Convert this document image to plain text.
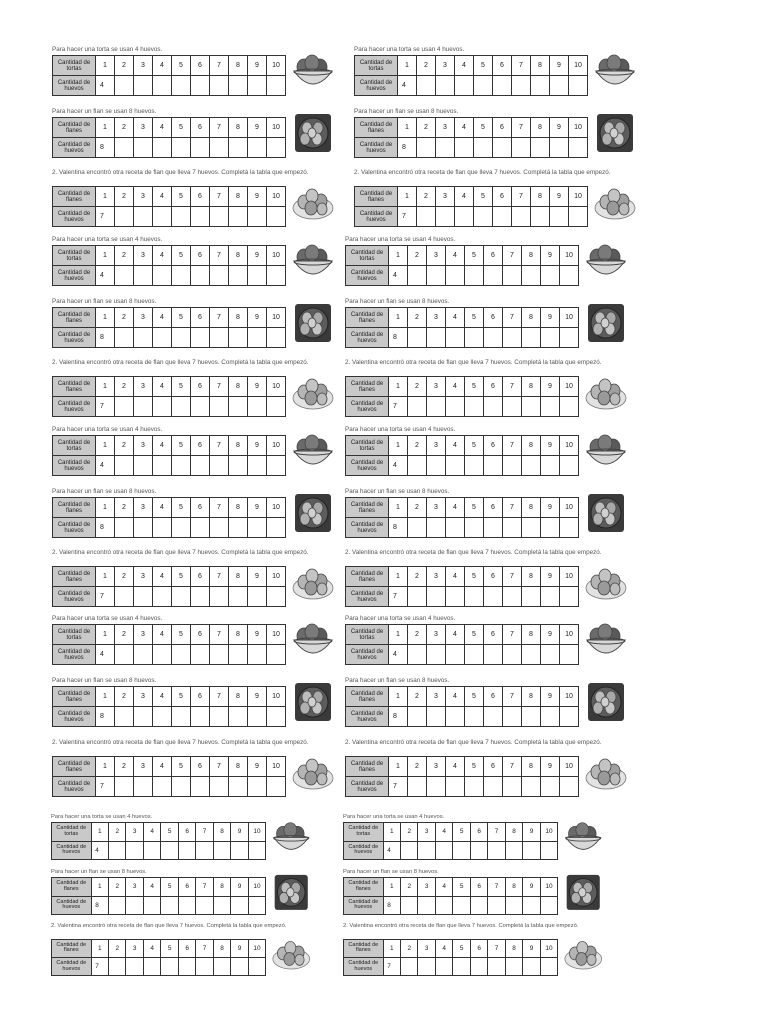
Para hacer una torta se usan 4 huevos.
Cantidad de tortas	1	2	3	4	5	6	7	8	9	10
Cantidad de huevos	4									
Para hacer un flan se usan 8 huevos.
Cantidad de flanes	1	2	3	4	5	6	7	8	9	10
Cantidad de huevos	8									
2. Valentina encontró otra receta de flan que lleva 7 huevos. Completá la tabla que empezó.
Cantidad de flanes	1	2	3	4	5	6	7	8	9	10
Cantidad de huevos	7									
Para hacer una torta se usan 4 huevos.
Cantidad de tortas	1	2	3	4	5	6	7	8	9	10
Cantidad de huevos	4									
Para hacer un flan se usan 8 huevos.
Cantidad de flanes	1	2	3	4	5	6	7	8	9	10
Cantidad de huevos	8									
2. Valentina encontró otra receta de flan que lleva 7 huevos. Completá la tabla que empezó.
Cantidad de flanes	1	2	3	4	5	6	7	8	9	10
Cantidad de huevos	7									
Para hacer una torta se usan 4 huevos.
Cantidad de tortas	1	2	3	4	5	6	7	8	9	10
Cantidad de huevos	4									
Para hacer un flan se usan 8 huevos.
Cantidad de flanes	1	2	3	4	5	6	7	8	9	10
Cantidad de huevos	8									
2. Valentina encontró otra receta de flan que lleva 7 huevos. Completá la tabla que empezó.
Cantidad de flanes	1	2	3	4	5	6	7	8	9	10
Cantidad de huevos	7									
Para hacer una torta se usan 4 huevos.
Cantidad de tortas	1	2	3	4	5	6	7	8	9	10
Cantidad de huevos	4									
Para hacer un flan se usan 8 huevos.
Cantidad de flanes	1	2	3	4	5	6	7	8	9	10
Cantidad de huevos	8									
2. Valentina encontró otra receta de flan que lleva 7 huevos. Completá la tabla que empezó.
Cantidad de flanes	1	2	3	4	5	6	7	8	9	10
Cantidad de huevos	7									
Para hacer una torta se usan 4 huevos.
Cantidad de tortas	1	2	3	4	5	6	7	8	9	10
Cantidad de huevos	4									
Para hacer un flan se usan 8 huevos.
Cantidad de flanes	1	2	3	4	5	6	7	8	9	10
Cantidad de huevos	8									
2. Valentina encontró otra receta de flan que lleva 7 huevos. Completá la tabla que empezó.
Cantidad de flanes	1	2	3	4	5	6	7	8	9	10
Cantidad de huevos	7									
Para hacer una torta se usan 4 huevos.
Cantidad de tortas	1	2	3	4	5	6	7	8	9	10
Cantidad de huevos	4									
Para hacer un flan se usan 8 huevos.
Cantidad de flanes	1	2	3	4	5	6	7	8	9	10
Cantidad de huevos	8									
2. Valentina encontró otra receta de flan que lleva 7 huevos. Completá la tabla que empezó.
Cantidad de flanes	1	2	3	4	5	6	7	8	9	10
Cantidad de huevos	7									
Para hacer una torta se usan 4 huevos.
Cantidad de tortas	1	2	3	4	5	6	7	8	9	10
Cantidad de huevos	4									
Para hacer un flan se usan 8 huevos.
Cantidad de flanes	1	2	3	4	5	6	7	8	9	10
Cantidad de huevos	8									
2. Valentina encontró otra receta de flan que lleva 7 huevos. Completá la tabla que empezó.
Cantidad de flanes	1	2	3	4	5	6	7	8	9	10
Cantidad de huevos	7									
Para hacer una torta se usan 4 huevos.
Cantidad de tortas	1	2	3	4	5	6	7	8	9	10
Cantidad de huevos	4									
Para hacer un flan se usan 8 huevos.
Cantidad de flanes	1	2	3	4	5	6	7	8	9	10
Cantidad de huevos	8									
2. Valentina encontró otra receta de flan que lleva 7 huevos. Completá la tabla que empezó.
Cantidad de flanes	1	2	3	4	5	6	7	8	9	10
Cantidad de huevos	7									
Para hacer una torta se usan 4 huevos.
Cantidad de tortas	1	2	3	4	5	6	7	8	9	10
Cantidad de huevos	4									
Para hacer un flan se usan 8 huevos.
Cantidad de flanes	1	2	3	4	5	6	7	8	9	10
Cantidad de huevos	8									
2. Valentina encontró otra receta de flan que lleva 7 huevos. Completá la tabla que empezó.
Cantidad de flanes	1	2	3	4	5	6	7	8	9	10
Cantidad de huevos	7									
Para hacer una torta se usan 4 huevos.
Cantidad de tortas	1	2	3	4	5	6	7	8	9	10
Cantidad de huevos	4									
Para hacer un flan se usan 8 huevos.
Cantidad de flanes	1	2	3	4	5	6	7	8	9	10
Cantidad de huevos	8									
2. Valentina encontró otra receta de flan que lleva 7 huevos. Completá la tabla que empezó.
Cantidad de flanes	1	2	3	4	5	6	7	8	9	10
Cantidad de huevos	7									
